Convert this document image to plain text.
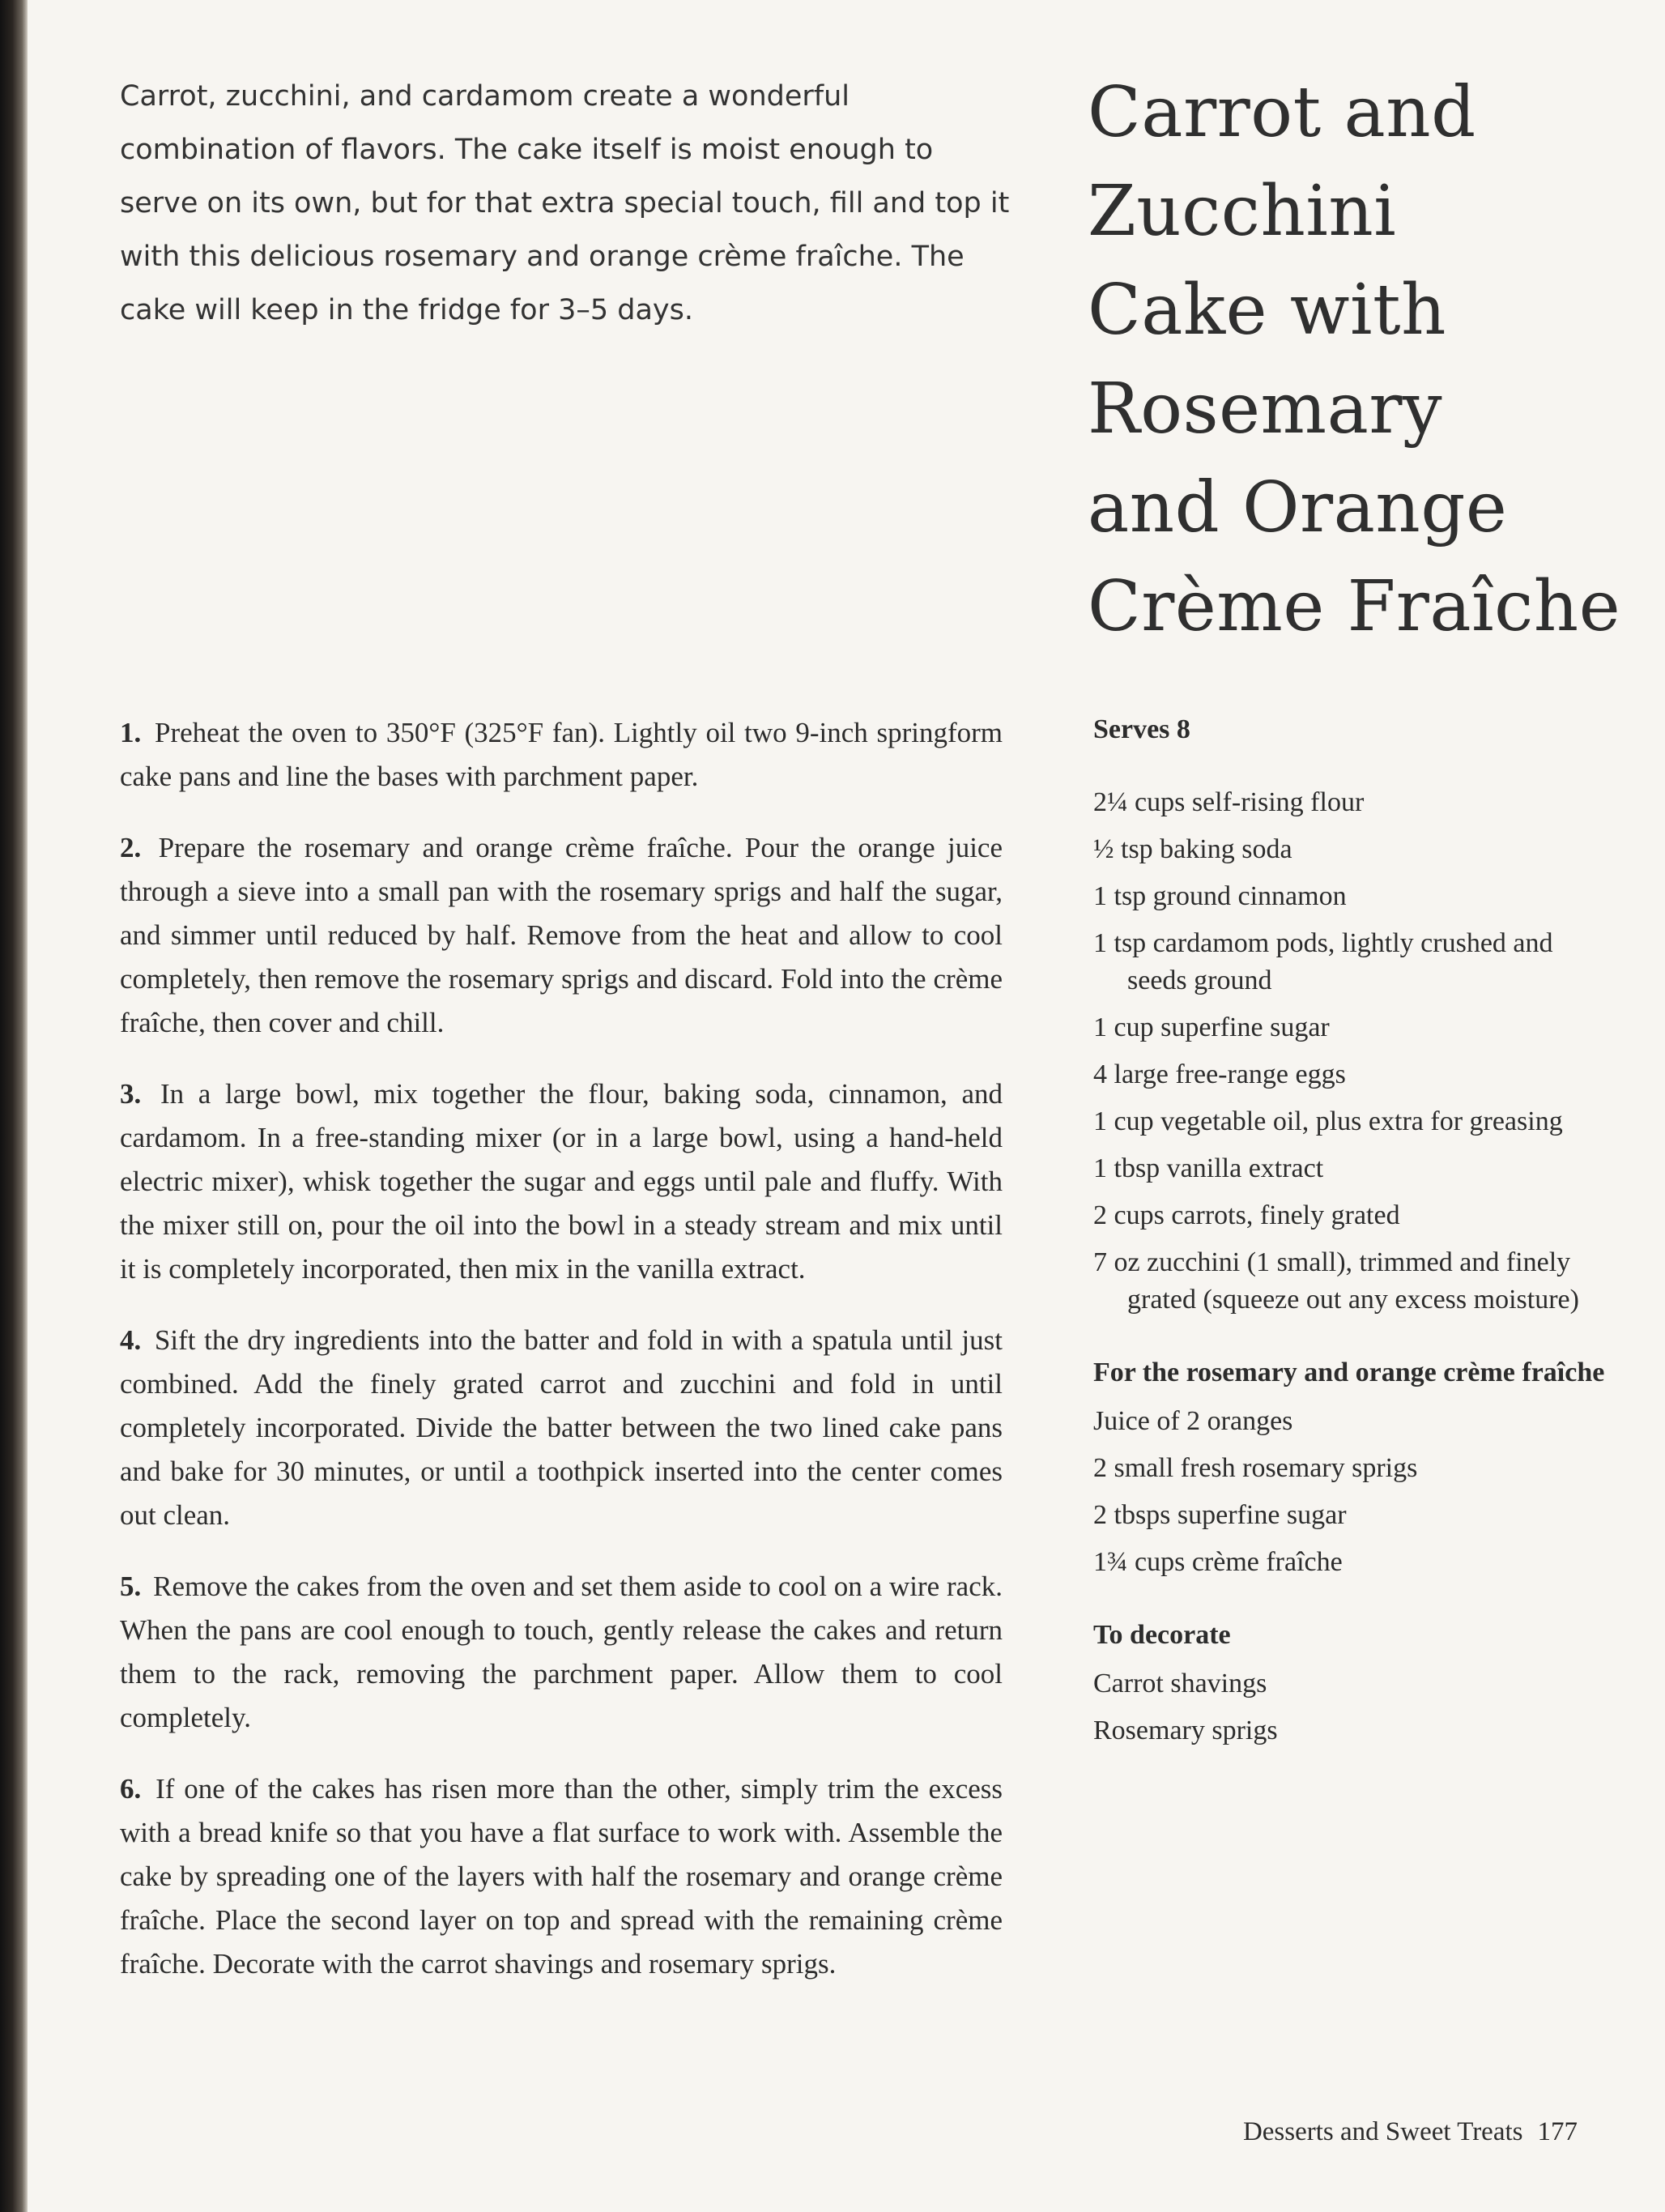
Carrot, zucchini, and cardamom create a wonderful combination of flavors. The cake itself is moist enough to serve on its own, but for that extra special touch, fill and top it with this delicious rosemary and orange crème fraîche. The cake will keep in the fridge for 3–5 days.

Carrot and
Zucchini
Cake with
Rosemary
and Orange
Crème Fraîche

1. Preheat the oven to 350°F (325°F fan). Lightly oil two 9-inch springform cake pans and line the bases with parchment paper.

2. Prepare the rosemary and orange crème fraîche. Pour the orange juice through a sieve into a small pan with the rosemary sprigs and half the sugar, and simmer until reduced by half. Remove from the heat and allow to cool completely, then remove the rosemary sprigs and discard. Fold into the crème fraîche, then cover and chill.

3. In a large bowl, mix together the flour, baking soda, cinnamon, and cardamom. In a free-standing mixer (or in a large bowl, using a hand-held electric mixer), whisk together the sugar and eggs until pale and fluffy. With the mixer still on, pour the oil into the bowl in a steady stream and mix until it is completely incorporated, then mix in the vanilla extract.

4. Sift the dry ingredients into the batter and fold in with a spatula until just combined. Add the finely grated carrot and zucchini and fold in until completely incorporated. Divide the batter between the two lined cake pans and bake for 30 minutes, or until a toothpick inserted into the center comes out clean.

5. Remove the cakes from the oven and set them aside to cool on a wire rack. When the pans are cool enough to touch, gently release the cakes and return them to the rack, removing the parchment paper. Allow them to cool completely.

6. If one of the cakes has risen more than the other, simply trim the excess with a bread knife so that you have a flat surface to work with. Assemble the cake by spreading one of the layers with half the rosemary and orange crème fraîche. Place the second layer on top and spread with the remaining crème fraîche. Decorate with the carrot shavings and rosemary sprigs.

Serves 8

2¼ cups self-rising flour
½ tsp baking soda
1 tsp ground cinnamon
1 tsp cardamom pods, lightly crushed and seeds ground
1 cup superfine sugar
4 large free-range eggs
1 cup vegetable oil, plus extra for greasing
1 tbsp vanilla extract
2 cups carrots, finely grated
7 oz zucchini (1 small), trimmed and finely grated (squeeze out any excess moisture)

For the rosemary and orange crème fraîche

Juice of 2 oranges
2 small fresh rosemary sprigs
2 tbsps superfine sugar
1¾ cups crème fraîche

To decorate

Carrot shavings
Rosemary sprigs
Desserts and Sweet Treats 177
